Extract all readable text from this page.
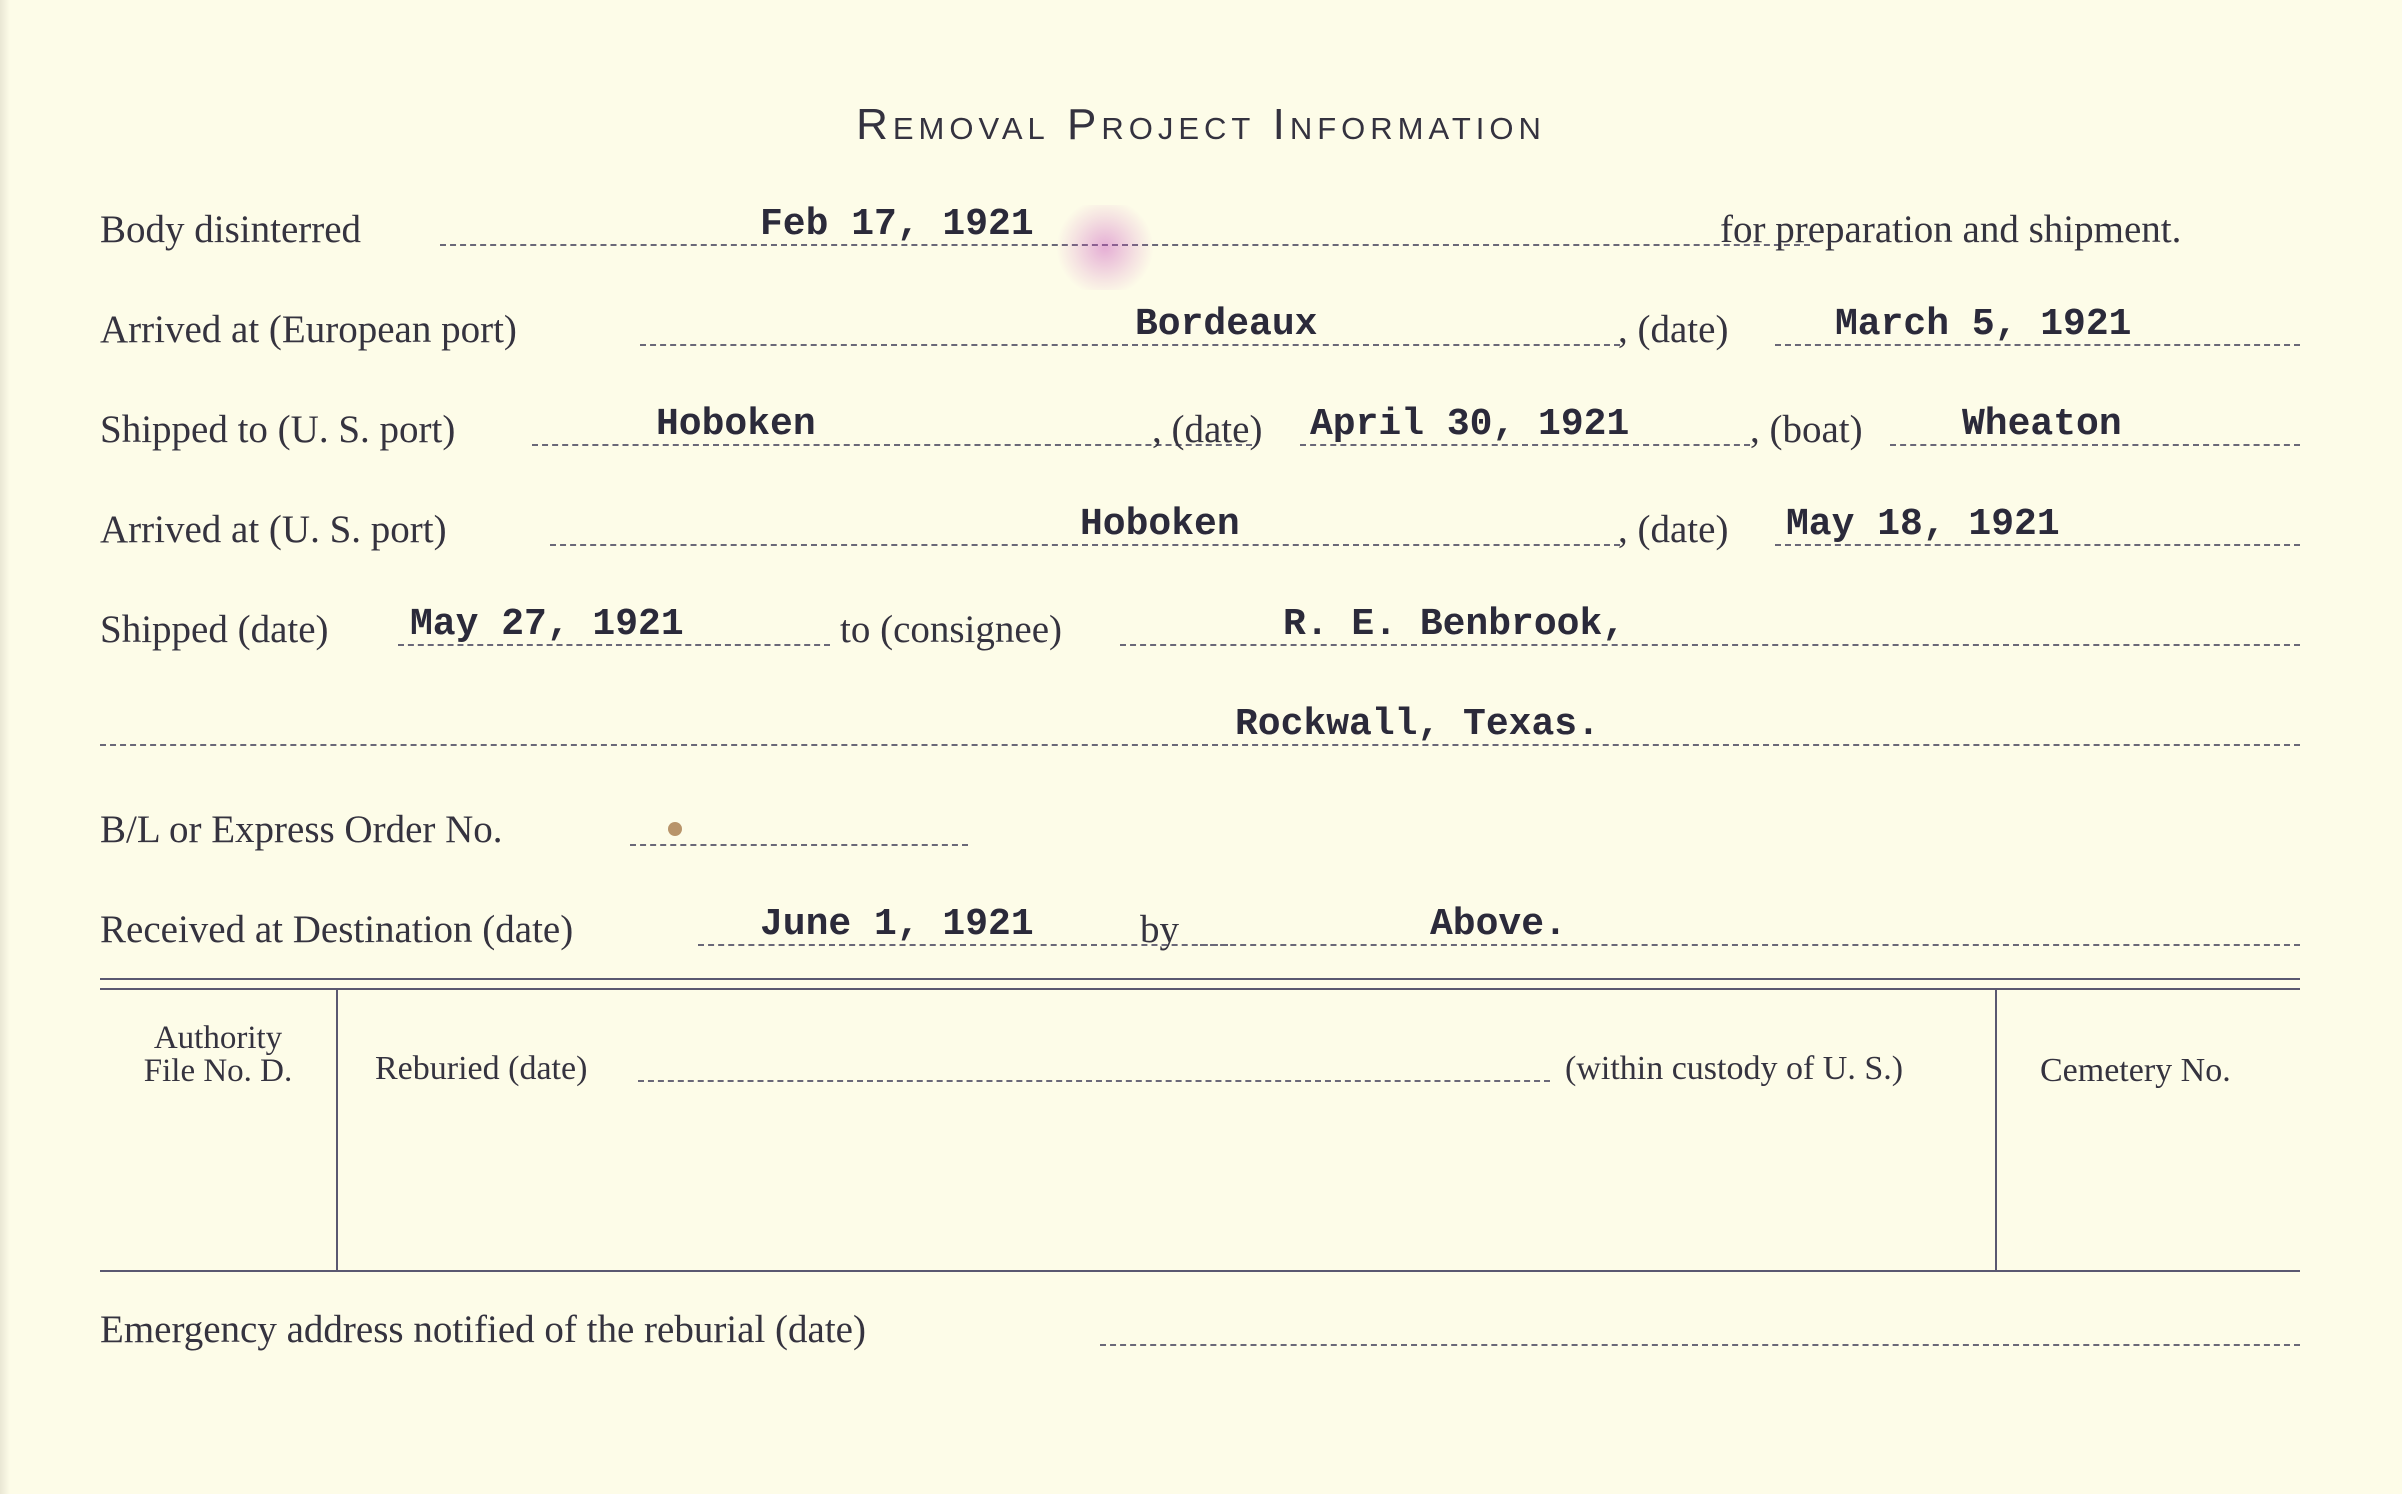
Removal Project Information
Body disinterred	Feb 17, 1921	for preparation and shipment.
Arrived at (European port)	Bordeaux	, (date)	March 5, 1921
Shipped to (U. S. port)	Hoboken	, (date) April 30, 1921	, (boat)	Wheaton
Arrived at (U. S. port)	Hoboken	, (date) May 18, 1921
Shipped (date) May 27, 1921	to (consignee)	R. E. Benbrook,
Rockwall, Texas.
B/L or Express Order No.
Received at Destination (date)	June 1, 1921	by	Above.
Authority
File No. D.	Reburied (date)	(within custody of U. S.)	Cemetery No.
Emergency address notified of the reburial (date)
